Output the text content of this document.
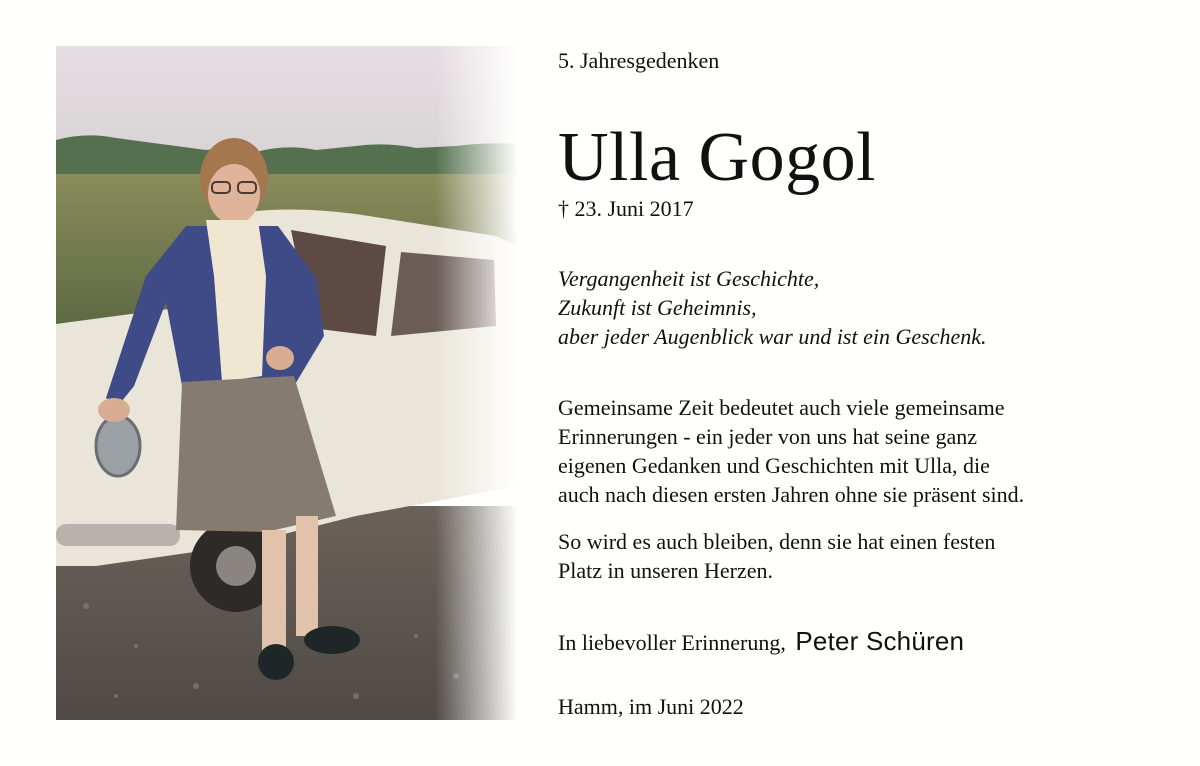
5. Jahresgedenken
Ulla Gogol
† 23. Juni 2017
Vergangenheit ist Geschichte,
Zukunft ist Geheimnis,
aber jeder Augenblick war und ist ein Geschenk.
Gemeinsame Zeit bedeutet auch viele gemeinsame
Erinnerungen - ein jeder von uns hat seine ganz
eigenen Gedanken und Geschichten mit Ulla, die
auch nach diesen ersten Jahren ohne sie präsent sind.
So wird es auch bleiben, denn sie hat einen festen
Platz in unseren Herzen.
In liebevoller Erinnerung, Peter Schüren
Hamm, im Juni 2022
